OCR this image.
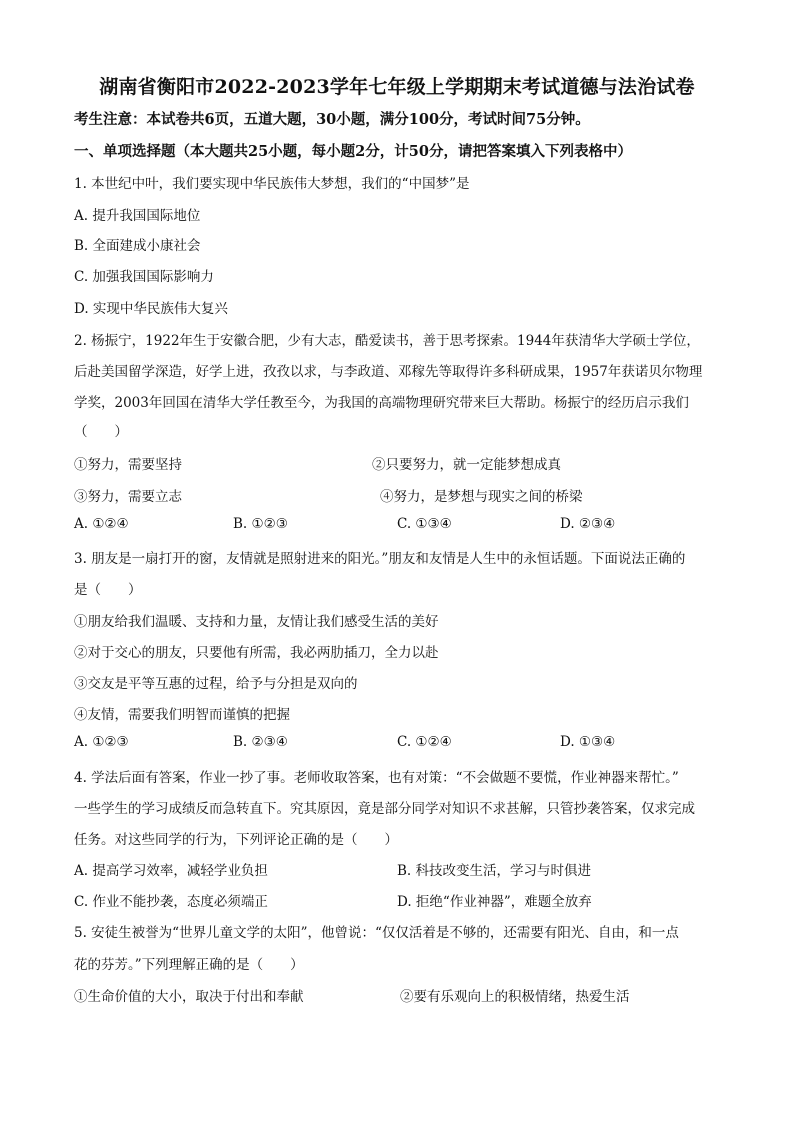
湖南省衡阳市2022-2023学年七年级上学期期末考试道德与法治试卷
考生注意：本试卷共6页，五道大题，30小题，满分100分，考试时间75分钟。
一、单项选择题（本大题共25小题，每小题2分，计50分，请把答案填入下列表格中）
1. 本世纪中叶，我们要实现中华民族伟大梦想，我们的“中国梦”是
A. 提升我国国际地位
B. 全面建成小康社会
C. 加强我国国际影响力
D. 实现中华民族伟大复兴
2. 杨振宁，1922年生于安徽合肥，少有大志，酷爱读书，善于思考探索。1944年获清华大学硕士学位，
后赴美国留学深造，好学上进，孜孜以求，与李政道、邓稼先等取得许多科研成果，1957年获诺贝尔物理
学奖，2003年回国在清华大学任教至今，为我国的高端物理研究带来巨大帮助。杨振宁的经历启示我们
（　　）
①努力，需要坚持	②只要努力，就一定能梦想成真
③努力，需要立志	④努力，是梦想与现实之间的桥梁
A. ①②④	B. ①②③	C. ①③④	D. ②③④
3. 朋友是一扇打开的窗，友情就是照射进来的阳光。”朋友和友情是人生中的永恒话题。下面说法正确的
是（　　）
①朋友给我们温暖、支持和力量，友情让我们感受生活的美好
②对于交心的朋友，只要他有所需，我必两肋插刀，全力以赴
③交友是平等互惠的过程，给予与分担是双向的
④友情，需要我们明智而谨慎的把握
A. ①②③	B. ②③④	C. ①②④	D. ①③④
4. 学法后面有答案，作业一抄了事。老师收取答案，也有对策：“不会做题不要慌，作业神器来帮忙。”
一些学生的学习成绩反而急转直下。究其原因，竟是部分同学对知识不求甚解，只管抄袭答案，仅求完成
任务。对这些同学的行为，下列评论正确的是（　　）
A. 提高学习效率，减轻学业负担	B. 科技改变生活，学习与时俱进
C. 作业不能抄袭，态度必须端正	D. 拒绝“作业神器”，难题全放弃
5. 安徒生被誉为“世界儿童文学的太阳”，他曾说：“仅仅活着是不够的，还需要有阳光、自由，和一点
花的芬芳。”下列理解正确的是（　　）
①生命价值的大小，取决于付出和奉献	②要有乐观向上的积极情绪，热爱生活
